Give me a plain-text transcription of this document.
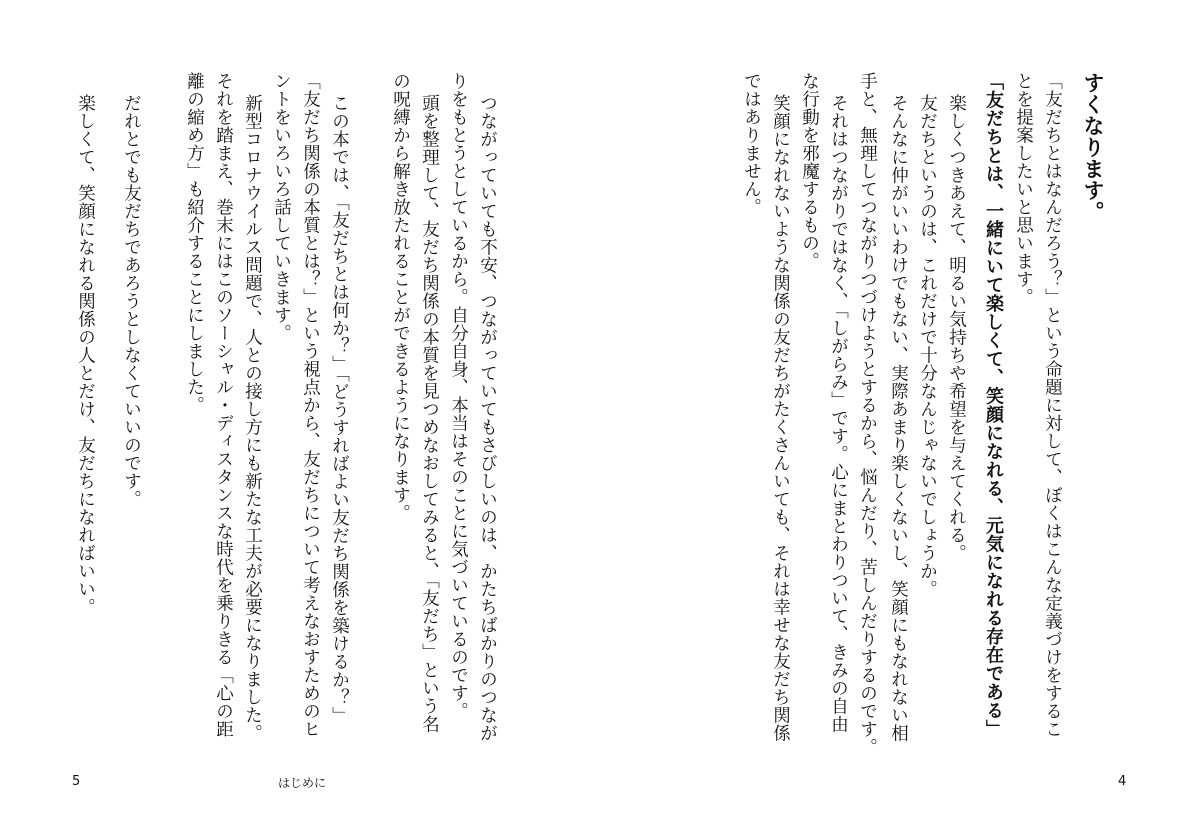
すくなります。
「友だちとはなんだろう？」という命題に対して、ぼくはこんな定義づけをするこ
とを提案したいと思います。
「友だちとは、一緒にいて楽しくて、笑顔になれる、元気になれる存在である」
楽しくつきあえて、明るい気持ちや希望を与えてくれる。
友だちというのは、これだけで十分なんじゃないでしょうか。
そんなに仲がいいわけでもない、実際あまり楽しくないし、笑顔にもなれない相
手と、無理してつながりつづけようとするから、悩んだり、苦しんだりするのです。
それはつながりではなく、「しがらみ」です。心にまとわりついて、きみの自由
な行動を邪魔するもの。
笑顔になれないような関係の友だちがたくさんいても、それは幸せな友だち関係
ではありません。
4
つながっていても不安、つながっていてもさびしいのは、かたちばかりのつなが
りをもとうとしているから。自分自身、本当はそのことに気づいているのです。
頭を整理して、友だち関係の本質を見つめなおしてみると、「友だち」という名
の呪縛から解き放たれることができるようになります。
この本では、「友だちとは何か？」「どうすればよい友だち関係を築けるか？」
「友だち関係の本質とは？」という視点から、友だちについて考えなおすためのヒ
ントをいろいろ話していきます。
新型コロナウイルス問題で、人との接し方にも新たな工夫が必要になりました。
それを踏まえ、巻末にはこのソーシャル・ディスタンスな時代を乗りきる「心の距
離の縮め方」も紹介することにしました。
だれとでも友だちであろうとしなくていいのです。
楽しくて、笑顔になれる関係の人とだけ、友だちになればいい。
5	はじめに
